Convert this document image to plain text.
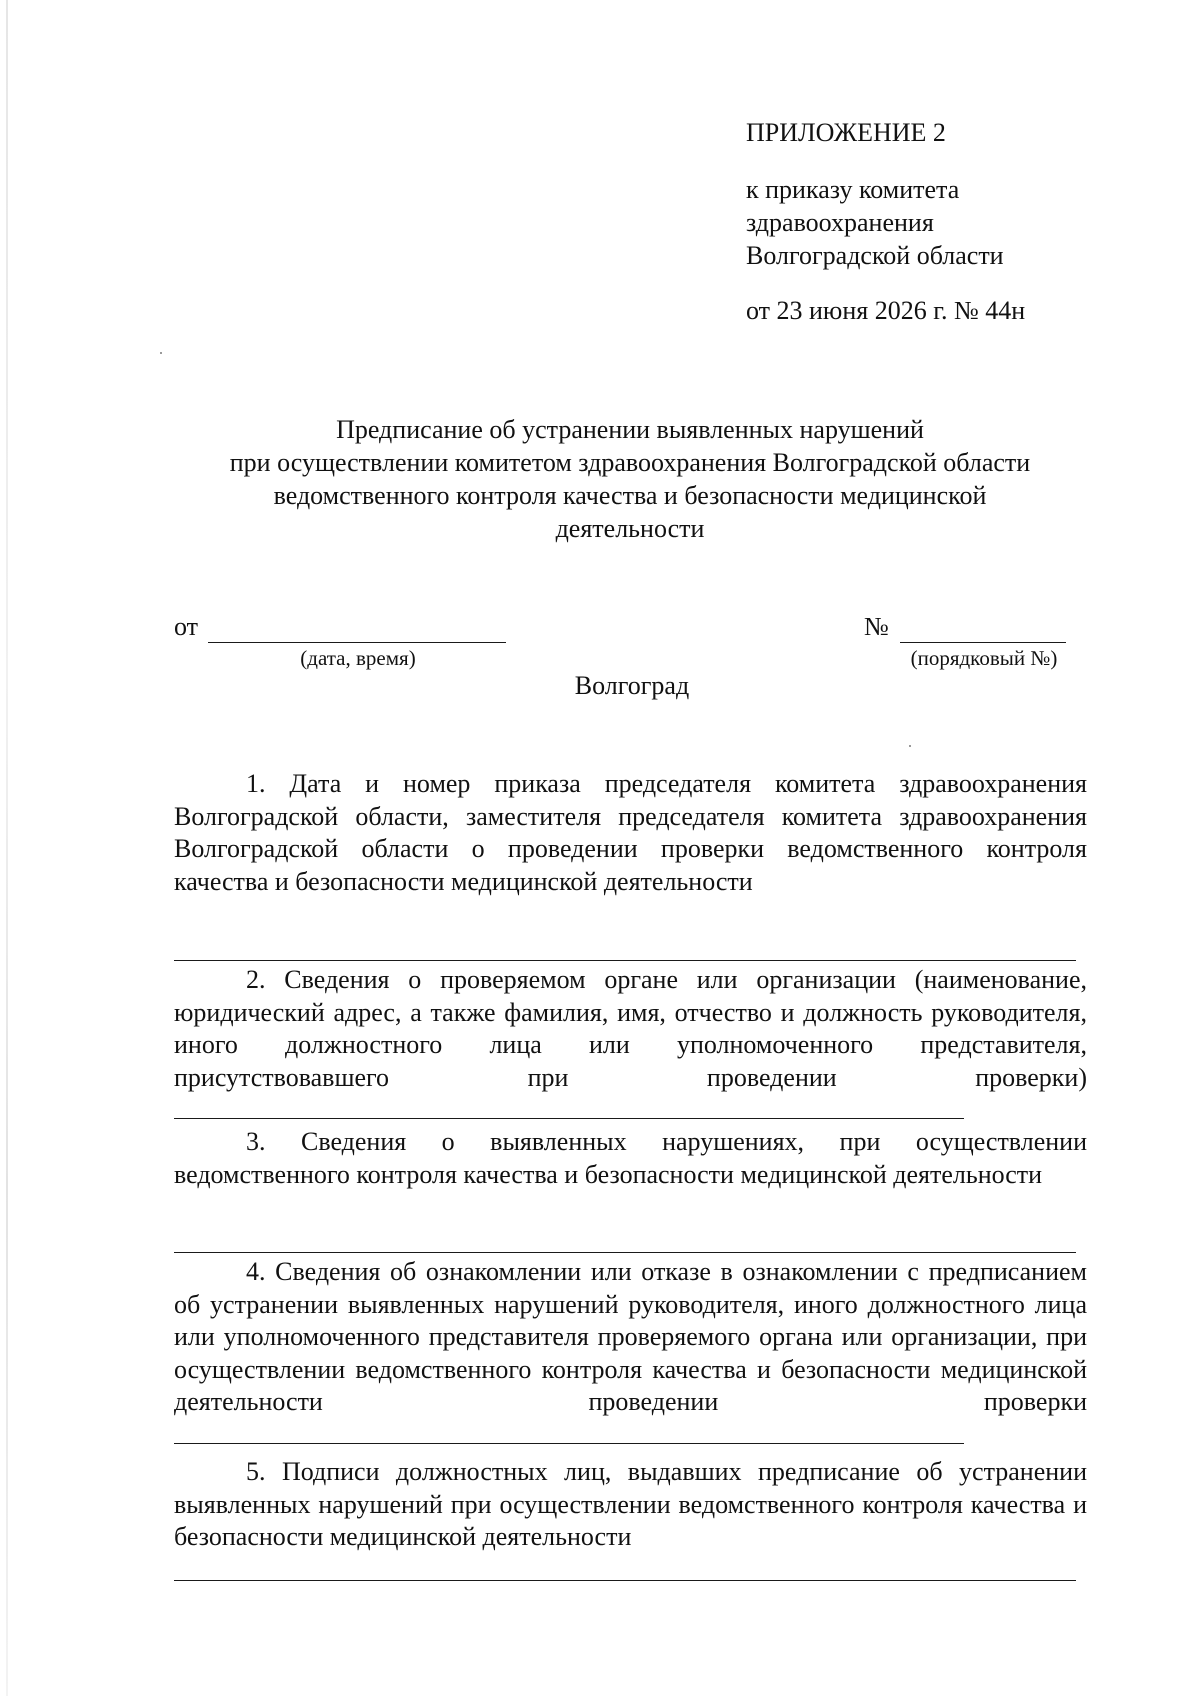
ПРИЛОЖЕНИЕ 2
к приказу комитета
здравоохранения
Волгоградской области
от 23 июня 2026 г. № 44н
Предписание об устранении выявленных нарушений
при осуществлении комитетом здравоохранения Волгоградской области
ведомственного контроля качества и безопасности медицинской
деятельности
от
(дата, время)
№
(порядковый №)
Волгоград
1. Дата и номер приказа председателя комитета здравоохранения Волгоградской области, заместителя председателя комитета здравоохранения Волгоградской области о проведении проверки ведомственного контроля качества и безопасности медицинской деятельности
2. Сведения о проверяемом органе или организации (наименование, юридический адрес, а также фамилия, имя, отчество и должность руководителя, иного должностного лица или уполномоченного представителя, присутствовавшего при проведении проверки)
3. Сведения о выявленных нарушениях, при осуществлении ведомственного контроля качества и безопасности медицинской деятельности
4. Сведения об ознакомлении или отказе в ознакомлении с предписанием об устранении выявленных нарушений руководителя, иного должностного лица или уполномоченного представителя проверяемого органа или организации, при осуществлении ведомственного контроля качества и безопасности медицинской деятельности проведении проверки
5. Подписи должностных лиц, выдавших предписание об устранении выявленных нарушений при осуществлении ведомственного контроля качества и безопасности медицинской деятельности
